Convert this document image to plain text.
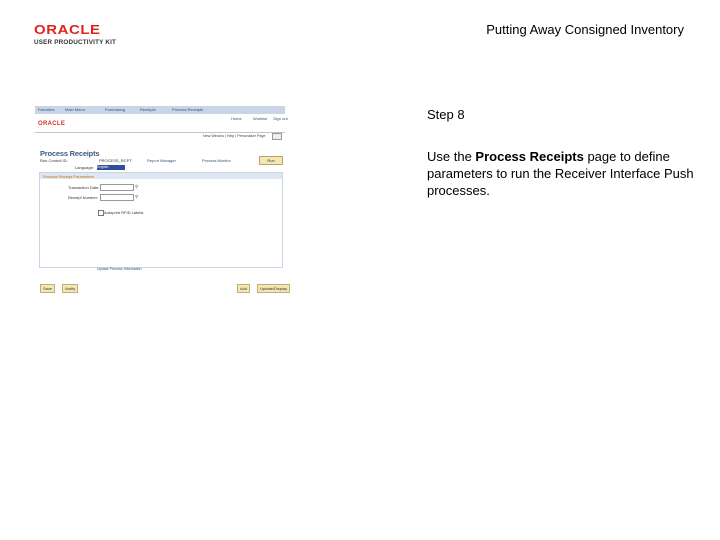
ORACLE
USER PRODUCTIVITY KIT
Putting Away Consigned Inventory
Step 8
Use the Process Receipts page to define parameters to run the Receiver Interface Push processes.
Favorites	Main Menu	Purchasing	Receipts	Process Receipts
ORACLE
Home	Worklist Sign out
New Window | Help | Personalize Page
Process Receipts
Run Control ID:	PROCESS_RCPT	Report Manager	Process Monitor	Run
Language: English
Process Receipt Parameters
Transaction Date:	⚲
Receipt Number:	⚲
Autoprint RFID Labels
Update Process Information
Save	Notify	Add	Update/Display
